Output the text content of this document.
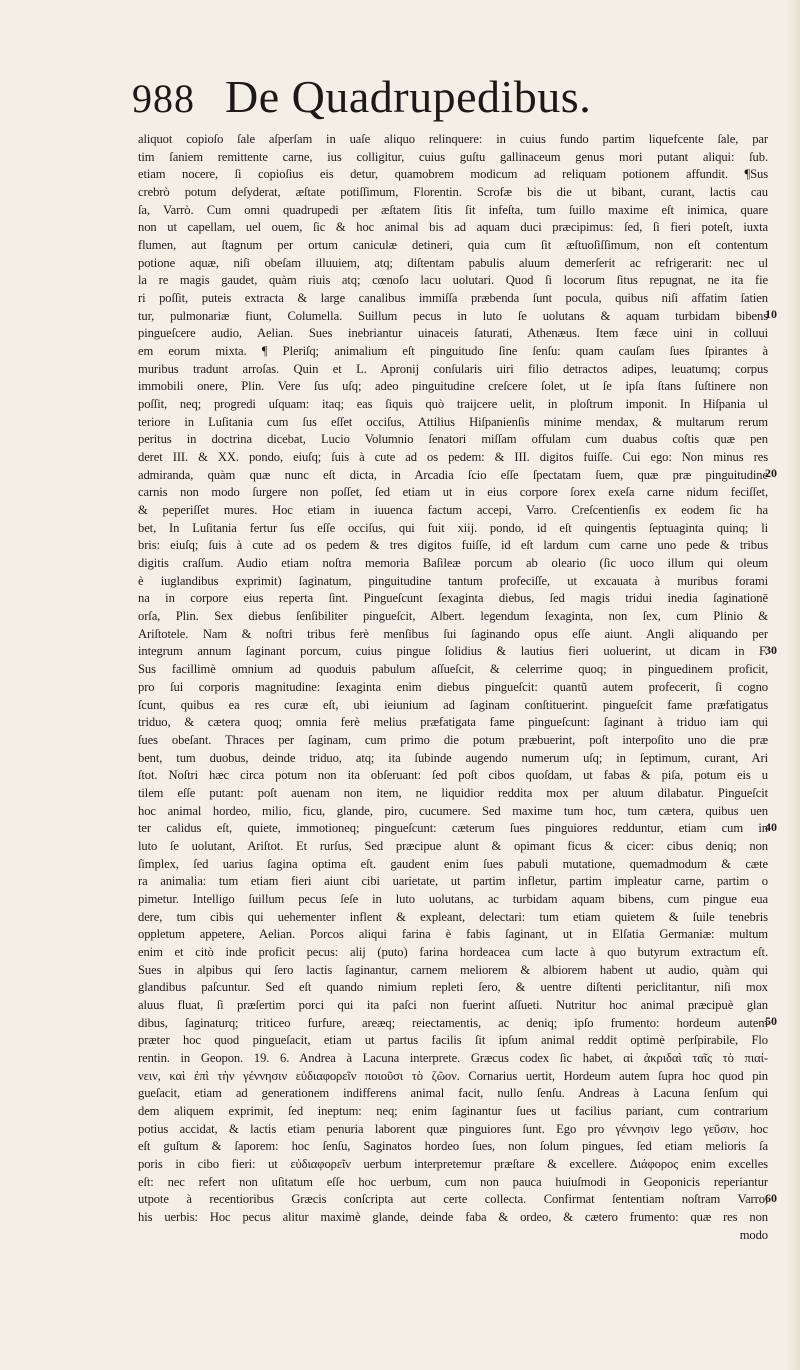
988 De Quadrupedibus.
aliquot copioſo ſale aſperſam in uaſe aliquo relinquere: in cuius fundo partim liquefcente ſale, par
tim ſaniem remittente carne, ius colligitur, cuius guſtu gallinaceum genus mori putant aliqui: ſub.
etiam nocere, ſi copioſius eis detur, quamobrem modicum ad reliquam potionem affundit. ¶Sus
crebrò potum deſyderat, æſtate potiſſimum, Florentin. Scrofæ bis die ut bibant, curant, lactis cau
ſa, Varrò. Cum omni quadrupedi per æſtatem ſitis ſit infeſta, tum ſuillo maxime eſt inimica, quare
non ut capellam, uel ouem, ſic & hoc animal bis ad aquam duci præcipimus: ſed, ſi fieri poteſt, iuxta
flumen, aut ſtagnum per ortum caniculæ detineri, quia cum ſit æſtuoſiſſimum, non eſt contentum
potione aquæ, niſi obeſam illuuiem, atq; diſtentam pabulis aluum demerſerit ac refrigerarit: nec ul
la re magis gaudet, quàm riuis atq; cœnoſo lacu uolutari. Quod ſi locorum ſitus repugnat, ne ita fie
ri poſſit, puteis extracta & large canalibus immiſſa præbenda ſunt pocula, quibus niſi affatim ſatien
tur, pulmonariæ fiunt, Columella. Suillum pecus in luto ſe uolutans & aquam turbidam bibens
pingueſcere audio, Aelian. Sues inebriantur uinaceis ſaturati, Athenæus. Item fæce uini in colluui
em eorum mixta. ¶ Pleriſq; animalium eſt pinguitudo ſine ſenſu: quam cauſam ſues ſpirantes à
muribus tradunt arroſas. Quin et L. Apronij conſularis uiri filio detractos adipes, leuatumq; corpus
immobili onere, Plin. Vere ſus uſq; adeo pinguitudine creſcere ſolet, ut ſe ipſa ſtans ſuſtinere non
poſſit, neq; progredi uſquam: itaq; eas ſiquis quò traijcere uelit, in ploſtrum imponit. In Hiſpania ul
teriore in Luſitania cum ſus eſſet occiſus, Attilius Hiſpanienſis minime mendax, & multarum rerum
peritus in doctrina dicebat, Lucio Volumnio ſenatori miſſam offulam cum duabus coſtis quæ pen
deret III. & XX. pondo, eiuſq; ſuis à cute ad os pedem: & III. digitos fuiſſe. Cui ego: Non minus res
admiranda, quàm quæ nunc eſt dicta, in Arcadia ſcio eſſe ſpectatam ſuem, quæ præ pinguitudine
carnis non modo ſurgere non poſſet, ſed etiam ut in eius corpore ſorex exeſa carne nidum feciſſet,
& peperiſſet mures. Hoc etiam in iuuenca factum accepi, Varro. Creſcentienſis ex eodem ſic ha
bet, In Luſitania fertur ſus eſſe occiſus, qui fuit xiij. pondo, id eſt quingentis ſeptuaginta quinq; li
bris: eiuſq; ſuis à cute ad os pedem & tres digitos fuiſſe, id eſt lardum cum carne uno pede & tribus
digitis craſſum. Audio etiam noſtra memoria Baſileæ porcum ab oleario (ſic uoco illum qui oleum
è iuglandibus exprimit) ſaginatum, pinguitudine tantum profeciſſe, ut excauata à muribus forami
na in corpore eius reperta ſint. Pingueſcunt ſexaginta diebus, ſed magis tridui inedia ſaginationē
orſa, Plin. Sex diebus ſenſibiliter pingueſcit, Albert. legendum ſexaginta, non ſex, cum Plinio &
Ariſtotele. Nam & noſtri tribus ferè menſibus ſui ſaginando opus eſſe aiunt. Angli aliquando per
integrum annum ſaginant porcum, cuius pingue ſolidius & lautius fieri uoluerint, ut dicam in F.
Sus facillimè omnium ad quoduis pabulum aſſueſcit, & celerrime quoq; in pinguedinem proficit,
pro ſui corporis magnitudine: ſexaginta enim diebus pingueſcit: quantũ autem profecerit, ſi cogno
ſcunt, quibus ea res curæ eſt, ubi ieiunium ad ſaginam conſtituerint. pingueſcit fame præfatigatus
triduo, & cætera quoq; omnia ferè melius præfatigata fame pingueſcunt: ſaginant à triduo iam qui
ſues obeſant. Thraces per ſaginam, cum primo die potum præbuerint, poſt interpoſito uno die præ
bent, tum duobus, deinde triduo, atq; ita ſubinde augendo numerum uſq; in ſeptimum, curant, Ari
ſtot. Noſtri hæc circa potum non ita obſeruant: ſed poſt cibos quoſdam, ut fabas & piſa, potum eis u
tilem eſſe putant: poſt auenam non item, ne liquidior reddita mox per aluum dilabatur. Pingueſcit
hoc animal hordeo, milio, ficu, glande, piro, cucumere. Sed maxime tum hoc, tum cætera, quibus uen
ter calidus eſt, quiete, immotioneq; pingueſcunt: cæterum ſues pinguiores redduntur, etiam cum in
luto ſe uolutant, Ariſtot. Et rurſus, Sed præcipue alunt & opimant ficus & cicer: cibus deniq; non
ſimplex, ſed uarius ſagina optima eſt. gaudent enim ſues pabuli mutatione, quemadmodum & cæte
ra animalia: tum etiam fieri aiunt cibi uarietate, ut partim infletur, partim impleatur carne, partim o
pimetur. Intelligo ſuillum pecus ſeſe in luto uolutans, ac turbidam aquam bibens, cum pingue eua
dere, tum cibis qui uehementer inflent & expleant, delectari: tum etiam quietem & ſuile tenebris
oppletum appetere, Aelian. Porcos aliqui farina è fabis ſaginant, ut in Elſatia Germaniæ: multum
enim et citò inde proficit pecus: alij (puto) farina hordeacea cum lacte à quo butyrum extractum eſt.
Sues in alpibus qui ſero lactis ſaginantur, carnem meliorem & albiorem habent ut audio, quàm qui
glandibus paſcuntur. Sed eſt quando nimium repleti ſero, & uentre diſtenti periclitantur, niſi mox
aluus fluat, ſi præſertim porci qui ita paſci non fuerint aſſueti. Nutritur hoc animal præcipuè glan
dibus, ſaginaturq; triticeo furfure, areæq; reiectamentis, ac deniq; ipſo frumento: hordeum autem
præter hoc quod pingueſacit, etiam ut partus facilis ſit ipſum animal reddit optimè perſpirabile, Flo
rentin. in Geopon. 19. 6. Andrea à Lacuna interprete. Græcus codex ſic habet, αἱ ἀκριδαὶ ταῖς τὸ πιαί-
νειν, καὶ ἐπὶ τὴν γέννησιν εὐδιαφορεῖν ποιοῦσι τὸ ζῶον. Cornarius uertit, Hordeum autem ſupra hoc quod pin
gueſacit, etiam ad generationem indifferens animal facit, nullo ſenſu. Andreas à Lacuna ſenſum qui
dem aliquem exprimit, ſed ineptum: neq; enim ſaginantur ſues ut facilius pariant, cum contrarium
potius accidat, & lactis etiam penuria laborent quæ pinguiores ſunt. Ego pro γέννησιν lego γεῦσιν, hoc
eſt guſtum & ſaporem: hoc ſenſu, Saginatos hordeo ſues, non ſolum pingues, ſed etiam melioris ſa
poris in cibo fieri: ut εὐδιαφορεῖν uerbum interpretemur præſtare & excellere. Διάφορος enim excelles
eſt: nec refert non uſitatum eſſe hoc uerbum, cum non pauca huiuſmodi in Geoponicis reperiantur
utpote à recentioribus Græcis conſcripta aut certe collecta. Confirmat ſententiam noſtram Varro,
his uerbis: Hoc pecus alitur maximè glande, deinde faba & ordeo, & cætero frumento: quæ res non
modo
10
20
30
40
50
60
